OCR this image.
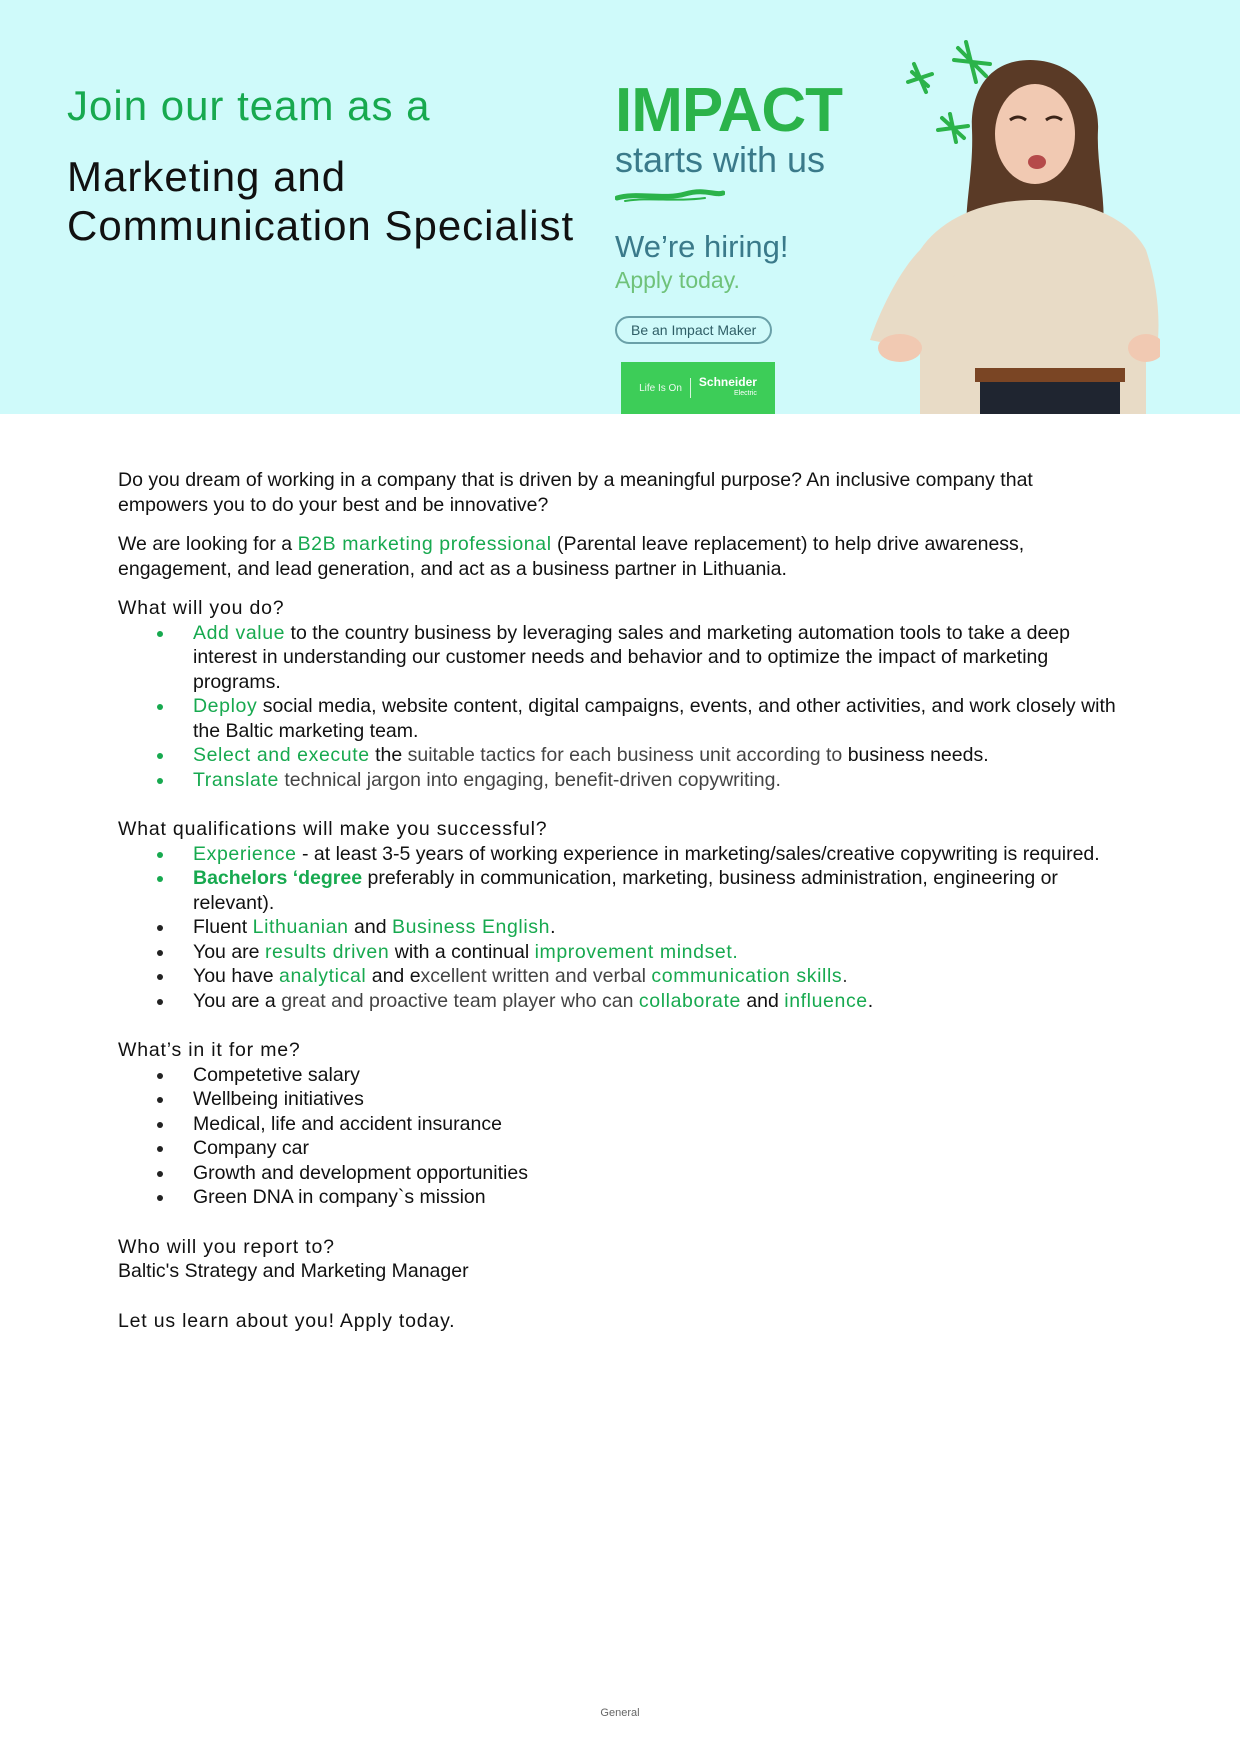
Join our team as a
Marketing and
Communication Specialist
IMPACT
starts with us
We’re hiring!
Apply today.
Be an Impact Maker
Life Is On Schneider
Electric

Do you dream of working in a company that is driven by a meaningful purpose? An inclusive company that empowers you to do your best and be innovative?

We are looking for a B2B marketing professional (Parental leave replacement) to help drive awareness, engagement, and lead generation, and act as a business partner in Lithuania.

What will you do?

Add value to the country business by leveraging sales and marketing automation tools to take a deep interest in understanding our customer needs and behavior and to optimize the impact of marketing programs.
Deploy social media, website content, digital campaigns, events, and other activities, and work closely with the Baltic marketing team.
Select and execute the suitable tactics for each business unit according to business needs.
Translate technical jargon into engaging, benefit-driven copywriting.

What qualifications will make you successful?

Experience - at least 3-5 years of working experience in marketing/sales/creative copywriting is required.
Bachelors ‘degree preferably in communication, marketing, business administration, engineering or relevant).
Fluent Lithuanian and Business English.
You are results driven with a continual improvement mindset.
You have analytical and excellent written and verbal communication skills.
You are a great and proactive team player who can collaborate and influence.

What’s in it for me?

Competetive salary
Wellbeing initiatives
Medical, life and accident insurance
Company car
Growth and development opportunities
Green DNA in company`s mission

Who will you report to?

Baltic's Strategy and Marketing Manager

Let us learn about you! Apply today.

General
